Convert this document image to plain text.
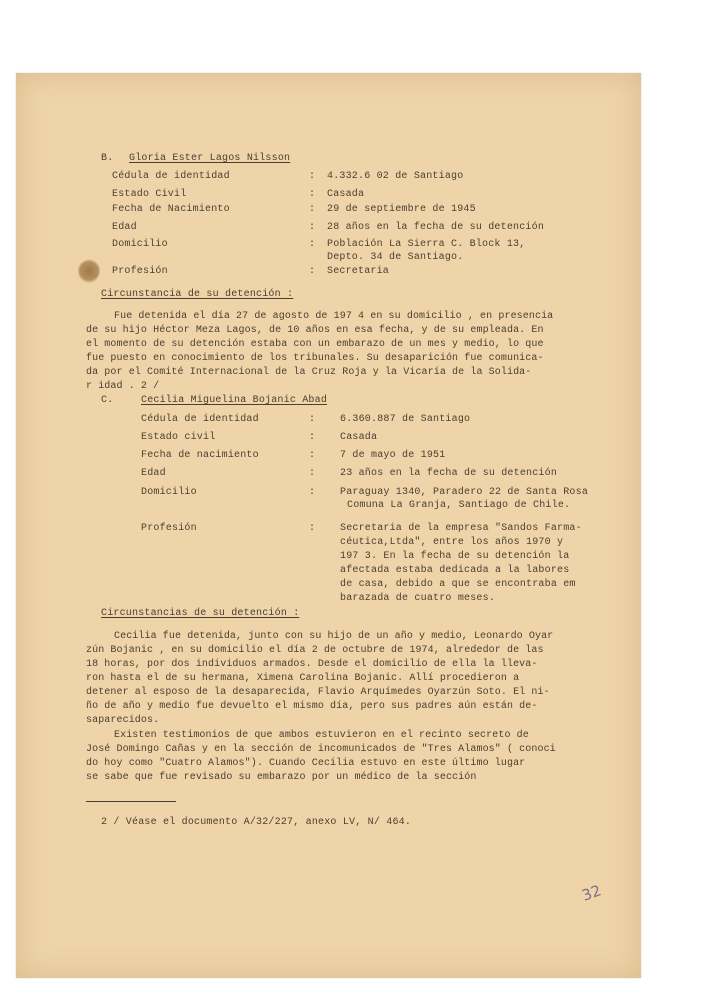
B. Gloria Ester Lagos Nilsson
Cédula de identidad	: 4.332.6 02 de Santiago
Estado Civil	: Casada
Fecha de Nacimiento	: 29 de septiembre de 1945
Edad	: 28 años en la fecha de su detención
Domicilio	: Población La Sierra C. Block 13,
Depto. 34 de Santiago.
Profesión	: Secretaria
Circunstancia de su detención :
Fue detenida el día 27 de agosto de 197 4 en su domicilio , en presencia
de su hijo Héctor Meza Lagos, de 10 años en esa fecha, y de su empleada. En
el momento de su detención estaba con un embarazo de un mes y medio, lo que
fue puesto en conocimiento de los tribunales. Su desaparición fue comunica-
da por el Comité Internacional de la Cruz Roja y la Vicaría de la Solida-
r idad . 2 /
C.	Cecilia Miguelina Bojanic Abad
Cédula de identidad	: 6.360.887 de Santiago
Estado civil	: Casada
Fecha de nacimiento	: 7 de mayo de 1951
Edad	: 23 años en la fecha de su detención
Domicilio	: Paraguay 1340, Paradero 22 de Santa Rosa
Comuna La Granja, Santiago de Chile.
Profesión	: Secretaria de la empresa "Sandos Farma-
céutica,Ltda", entre los años 1970 y
197 3. En la fecha de su detención la
afectada estaba dedicada a la labores
de casa, debido a que se encontraba em
barazada de cuatro meses.
Circunstancias de su detención :
Cecilia fue detenida, junto con su hijo de un año y medio, Leonardo Oyar
zún Bojanic , en su domicilio el día 2 de octubre de 1974, alrededor de las
18 horas, por dos individuos armados. Desde el domicilio de ella la lleva-
ron hasta el de su hermana, Ximena Carolina Bojanic. Allí procedieron a
detener al esposo de la desaparecida, Flavio Arquímedes Oyarzún Soto. El ni-
ño de año y medio fue devuelto el mismo día, pero sus padres aún están de-
saparecidos.
Existen testimonios de que ambos estuvieron en el recinto secreto de
José Domingo Cañas y en la sección de incomunicados de "Tres Alamos" ( conoci
do hoy como "Cuatro Alamos"). Cuando Cecilia estuvo en este último lugar
se sabe que fue revisado su embarazo por un médico de la sección
2 / Véase el documento A/32/227, anexo LV, N/ 464.
32
